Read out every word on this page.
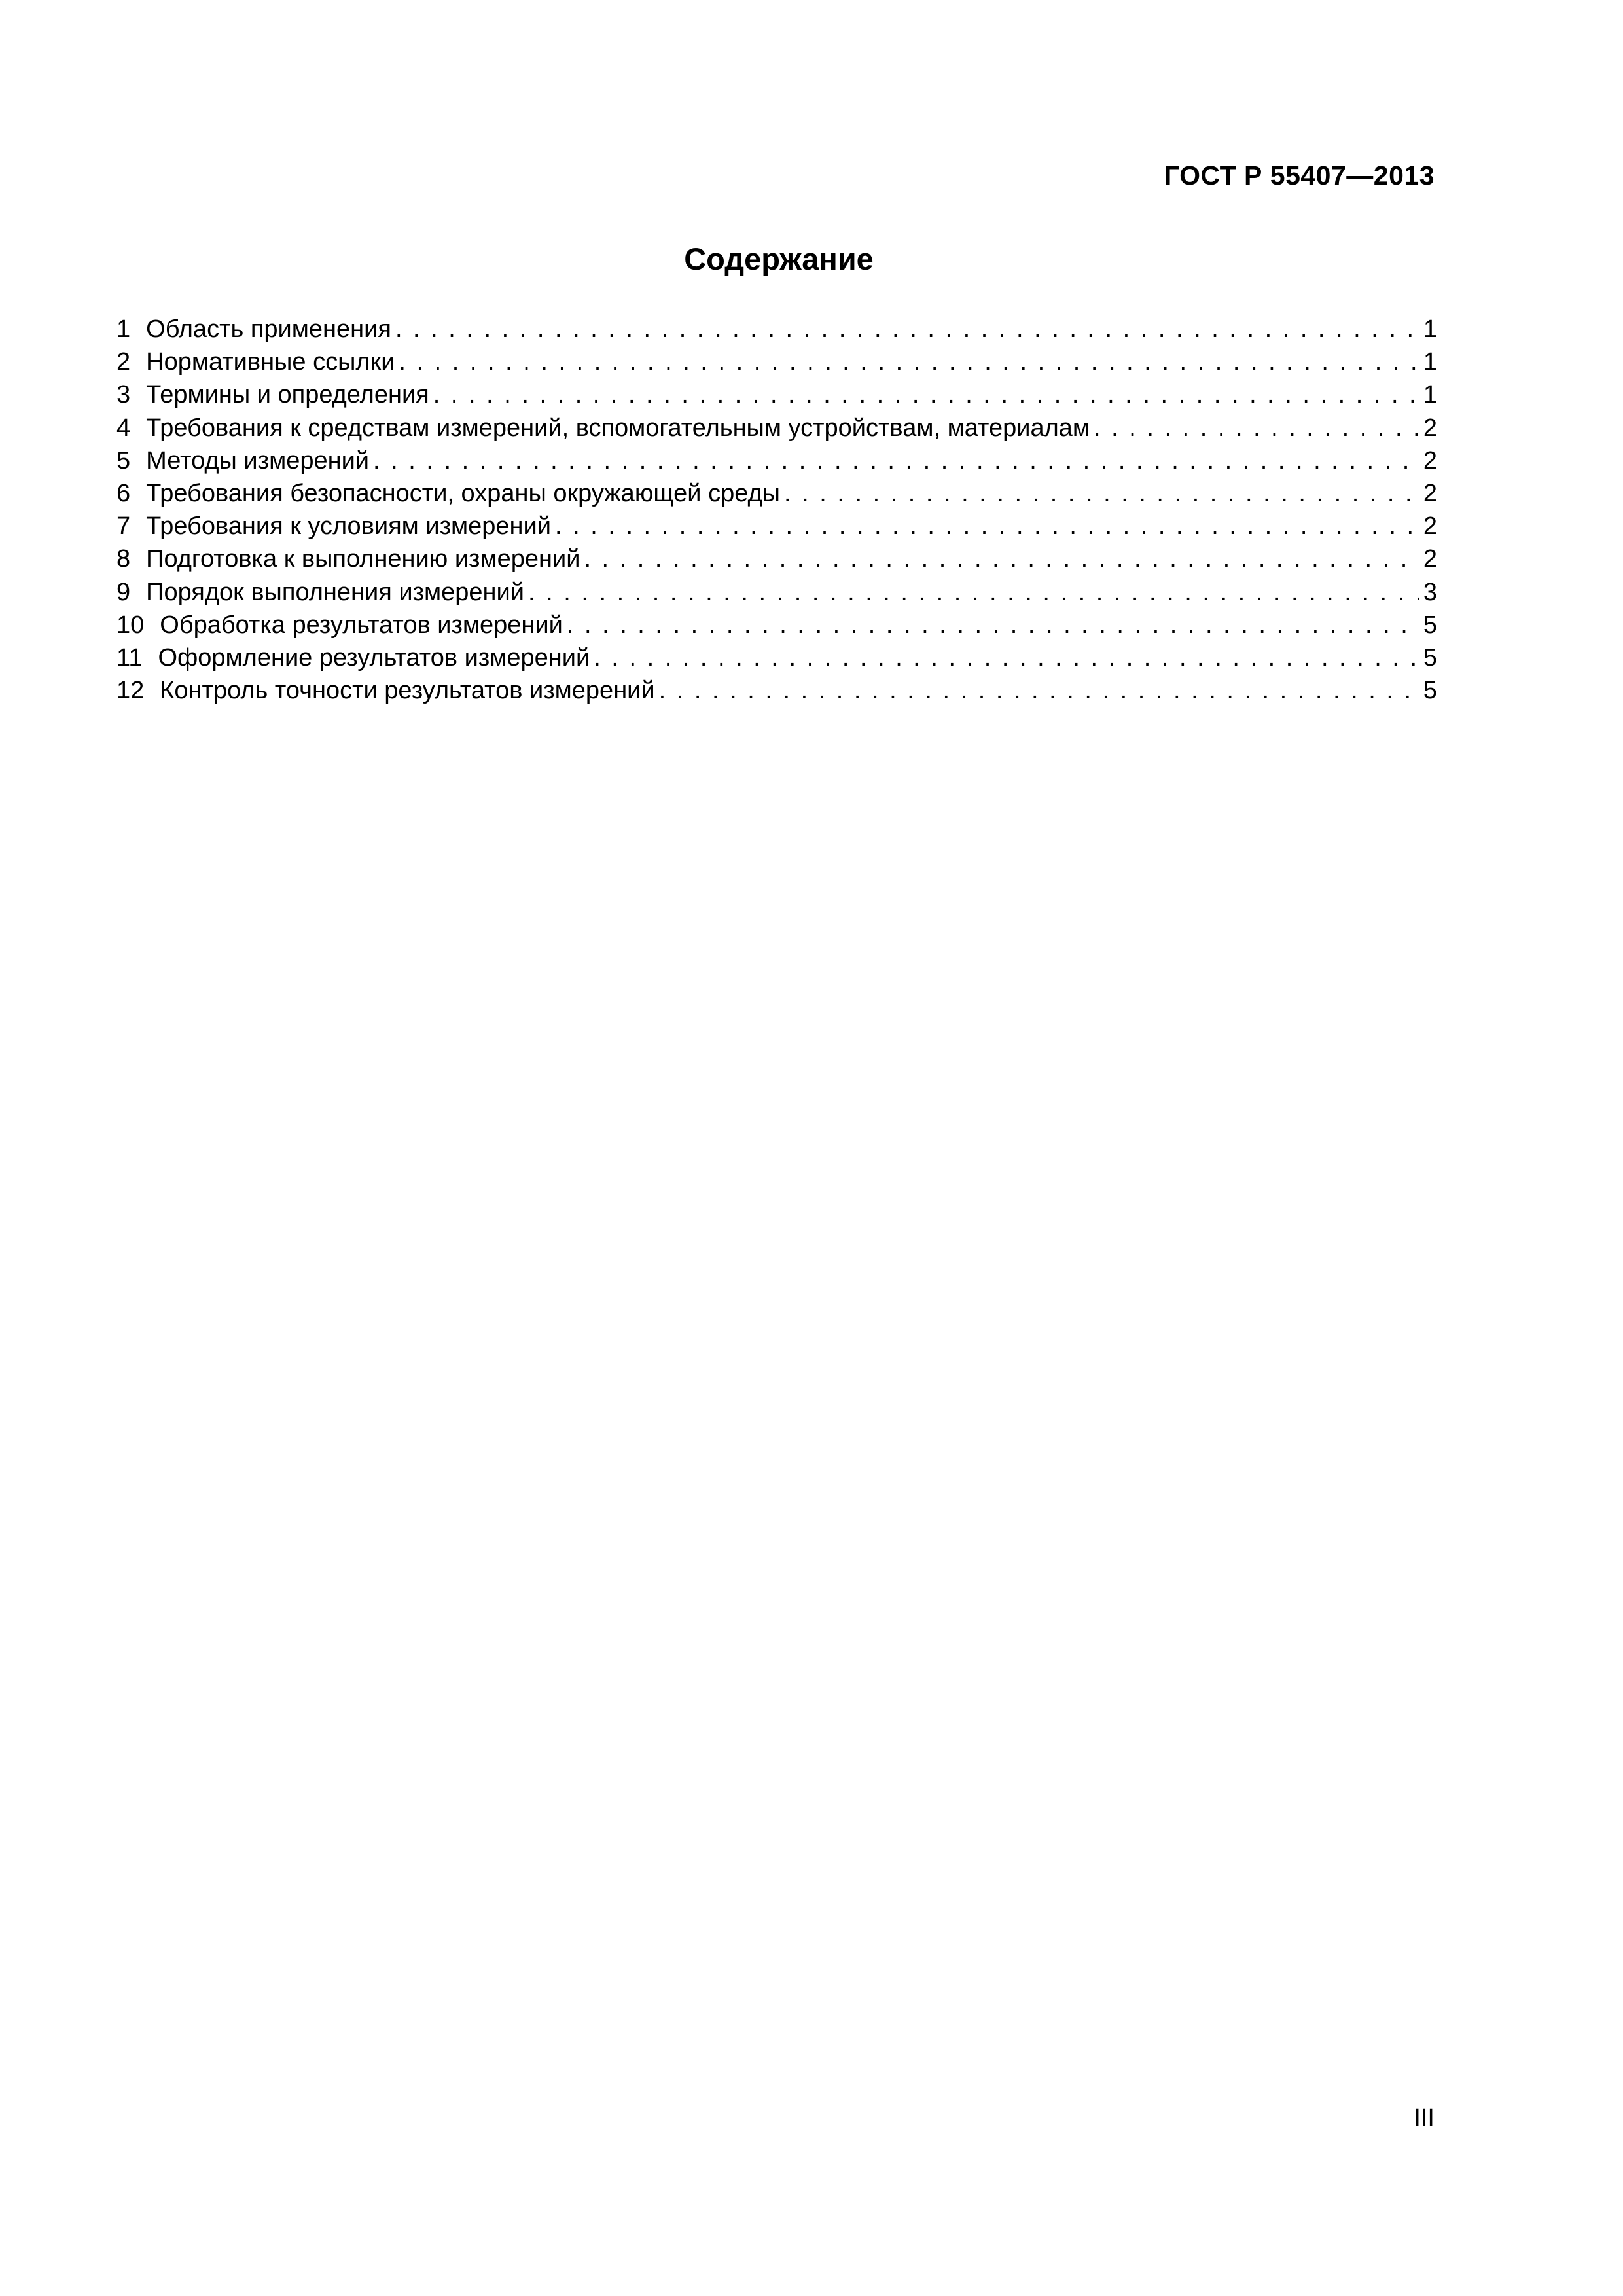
ГОСТ Р 55407—2013
Содержание
1 Область применения . . .	1
2 Нормативные ссылки . . .	1
3 Термины и определения . . .	1
4 Требования к средствам измерений, вспомогательным устройствам, материалам . . .	2
5 Методы измерений . . .	2
6 Требования безопасности, охраны окружающей среды . . .	2
7 Требования к условиям измерений . . .	2
8 Подготовка к выполнению измерений . . .	2
9 Порядок выполнения измерений . . .	3
10 Обработка результатов измерений . . .	5
11 Оформление результатов измерений . . .	5
12 Контроль точности результатов измерений . . .	5
III
